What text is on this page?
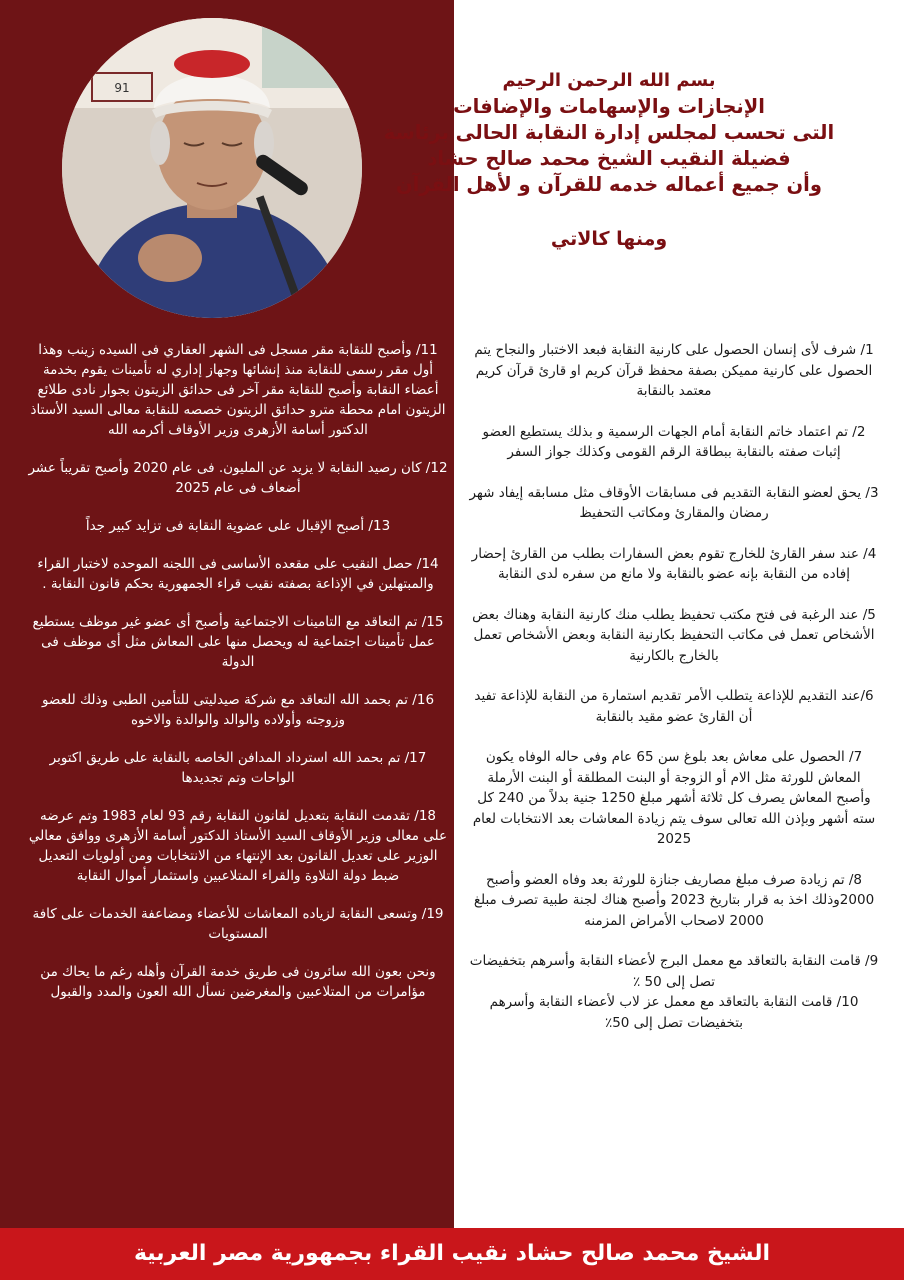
91	بسم الله الرحمن الرحيم
الإنجازات والإسهامات والإضافات
التى تحسب لمجلس إدارة النقابة الحالى برئاسة
فضيلة النقيب الشيخ محمد صالح حشاد
وأن جميع أعماله خدمه للقرآن و لأهل القرآن
ومنها كالاتي

1/ شرف لأى إنسان الحصول على كارنية النقابة فبعد الاختبار والنجاح يتم الحصول على كارنية مميكن بصفة محفظ قرآن كريم او قارئ قرآن كريم معتمد بالنقابة

2/ تم اعتماد خاتم النقابة أمام الجهات الرسمية و بذلك يستطيع العضو إثبات صفته بالنقابة ببطاقة الرقم القومى وكذلك جواز السفر

3/ يحق لعضو النقابة التقديم فى مسابقات الأوقاف مثل مسابقه إيفاد شهر رمضان والمقارئ ومكاتب التحفيظ

4/ عند سفر القارئ للخارج تقوم بعض السفارات بطلب من القارئ إحضار إفاده من النقابة بإنه عضو بالنقابة ولا مانع من سفره لدى النقابة

5/ عند الرغبة فى فتح مكتب تحفيظ يطلب منك كارنية النقابة وهناك بعض الأشخاص تعمل فى مكاتب التحفيظ بكارنية النقابة وبعض الأشخاص تعمل بالخارج بالكارنية

6/عند التقديم للإذاعة يتطلب الأمر تقديم استمارة من النقابة للإذاعة تفيد أن القارئ عضو مقيد بالنقابة

7/ الحصول على معاش بعد بلوغ سن 65 عام وفى حاله الوفاه يكون المعاش للورثة مثل الام أو الزوجة أو البنت المطلقة أو البنت الأرملة وأصبح المعاش يصرف كل ثلاثة أشهر مبلغ 1250 جنية بدلاً من 240 كل سته أشهر وبإذن الله تعالى سوف يتم زيادة المعاشات بعد الانتخابات لعام 2025

8/ تم زيادة صرف مبلغ مصاريف جنازة للورثة بعد وفاه العضو وأصبح 2000وذلك اخذ به قرار بتاريخ 2023 وأصبح هناك لجنة طبية تصرف مبلغ 2000 لاصحاب الأمراض المزمنه

9/ قامت النقابة بالتعاقد مع معمل البرج لأعضاء النقابة وأسرهم بتخفيضات تصل إلى 50 ٪

10/ قامت النقابة بالتعاقد مع معمل عز لاب لأعضاء النقابة وأسرهم بتخفيضات تصل إلى 50٪

11/ وأصبح للنقابة مقر مسجل فى الشهر العقاري فى السيده زينب وهذا أول مقر رسمى للنقابة منذ إنشائها وجهاز إداري له تأمينات يقوم بخدمة أعضاء النقابة وأصبح للنقابة مقر آخر فى حدائق الزيتون بجوار نادى طلائع الزيتون امام محطة مترو حدائق الزيتون خصصه للنقابة معالى السيد الأستاذ الدكتور أسامة الأزهرى وزير الأوقاف أكرمه الله

12/ كان رصيد النقابة لا يزيد عن المليون. فى عام 2020 وأصبح تقريباً عشر أضعاف فى عام 2025

13/ أصبح الإقبال على عضوية النقابة فى تزايد كبير جداً

14/ حصل النقيب على مقعده الأساسى فى اللجنه الموحده لاختبار القراء والمبتهلين في الإذاعة بصفته نقيب قراء الجمهورية بحكم قانون النقابة .

15/ تم التعاقد مع التامينات الاجتماعية وأصبح أى عضو غير موظف يستطيع عمل تأمينات اجتماعية له ويحصل منها على المعاش مثل أى موظف فى الدولة

16/ تم بحمد الله التعاقد مع شركة صيدليتى للتأمين الطبى وذلك للعضو وزوجته وأولاده والوالد والوالدة والاخوه

17/ تم بحمد الله استرداد المدافن الخاصه بالنقابة على طريق اكتوبر الواحات وتم تجديدها

18/ تقدمت النقابة بتعديل لقانون النقابة رقم 93 لعام 1983 وتم عرضه على معالى وزير الأوقاف السيد الأستاذ الدكتور أسامة الأزهرى ووافق معالي الوزير على تعديل القانون بعد الإنتهاء من الانتخابات ومن أولويات التعديل ضبط دولة التلاوة والقراء المتلاعبين واستثمار أموال النقابة

19/ وتسعى النقابة لزياده المعاشات للأعضاء ومضاعفة الخدمات على كافة المستويات

ونحن بعون الله سائرون فى طريق خدمة القرآن وأهله رغم ما يحاك من مؤامرات من المتلاعبين والمغرضين نسأل الله العون والمدد والقبول

الشيخ محمد صالح حشاد نقيب القراء بجمهورية مصر العربية
